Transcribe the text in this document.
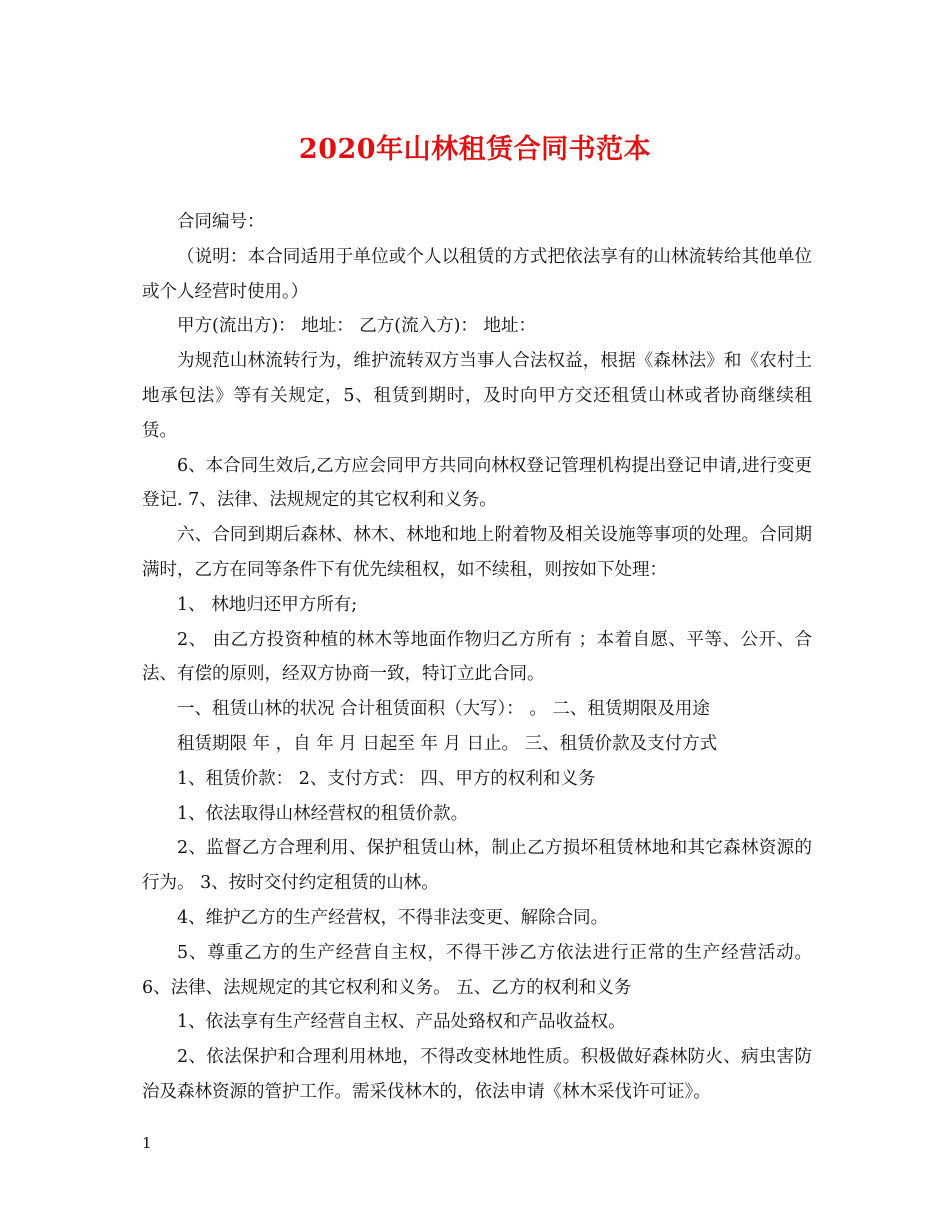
2020年山林租赁合同书范本

合同编号：

（说明：本合同适用于单位或个人以租赁的方式把依法享有的山林流转给其他单位或个人经营时使用。）

甲方(流出方)： 地址： 乙方(流入方)： 地址：

为规范山林流转行为，维护流转双方当事人合法权益，根据《森林法》和《农村土地承包法》等有关规定，5、租赁到期时，及时向甲方交还租赁山林或者协商继续租赁。

6、本合同生效后,乙方应会同甲方共同向林权登记管理机构提出登记申请,进行变更登记. 7、法律、法规规定的其它权利和义务。

六、合同到期后森林、林木、林地和地上附着物及相关设施等事项的处理。合同期满时，乙方在同等条件下有优先续租权，如不续租，则按如下处理：

1、 林地归还甲方所有;

2、 由乙方投资种植的林木等地面作物归乙方所有 ；本着自愿、平等、公开、合法、有偿的原则，经双方协商一致，特订立此合同。

一、租赁山林的状况 合计租赁面积（大写）： 。 二、租赁期限及用途

租赁期限 年 ，自 年 月 日起至 年 月 日止。 三、租赁价款及支付方式

1、租赁价款： 2、支付方式： 四、甲方的权利和义务

1、依法取得山林经营权的租赁价款。

2、监督乙方合理利用、保护租赁山林，制止乙方损坏租赁林地和其它森林资源的行为。 3、按时交付约定租赁的山林。

4、维护乙方的生产经营权，不得非法变更、解除合同。

5、尊重乙方的生产经营自主权，不得干涉乙方依法进行正常的生产经营活动。 6、法律、法规规定的其它权利和义务。 五、乙方的权利和义务

1、依法享有生产经营自主权、产品处臵权和产品收益权。

2、依法保护和合理利用林地，不得改变林地性质。积极做好森林防火、病虫害防治及森林资源的管护工作。需采伐林木的，依法申请《林木采伐许可证》。

1
